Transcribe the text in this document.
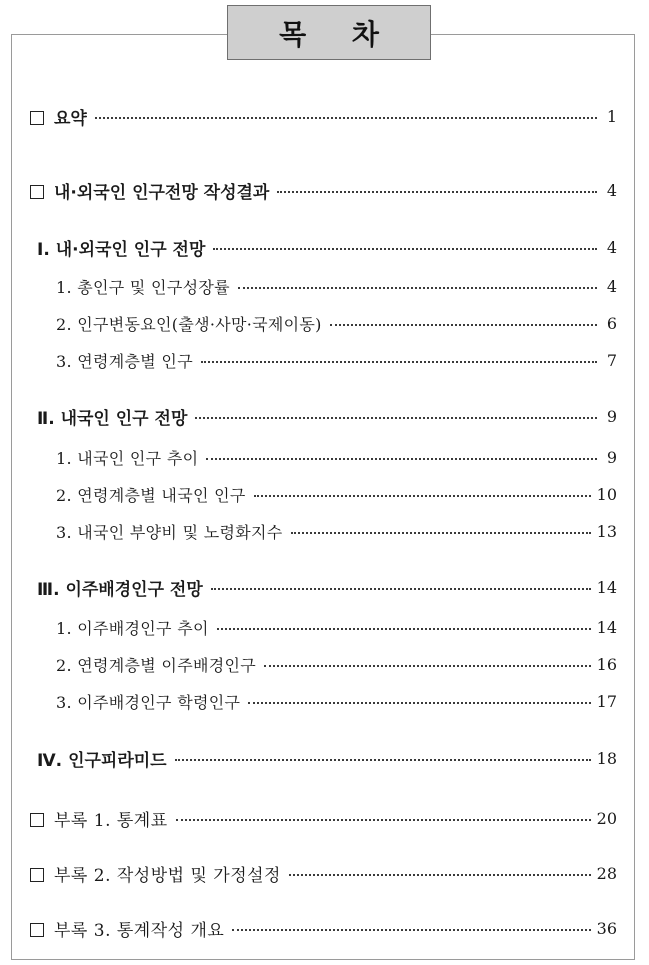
목 차
요약	1
내·외국인 인구전망 작성결과	4
Ⅰ. 내·외국인 인구 전망	4
1. 총인구 및 인구성장률	4
2. 인구변동요인(출생·사망·국제이동)	6
3. 연령계층별 인구	7
Ⅱ. 내국인 인구 전망	9
1. 내국인 인구 추이	9
2. 연령계층별 내국인 인구	10
3. 내국인 부양비 및 노령화지수	13
Ⅲ. 이주배경인구 전망	14
1. 이주배경인구 추이	14
2. 연령계층별 이주배경인구	16
3. 이주배경인구 학령인구	17
Ⅳ. 인구피라미드	18
부록 1. 통계표	20
부록 2. 작성방법 및 가정설정	28
부록 3. 통계작성 개요	36
